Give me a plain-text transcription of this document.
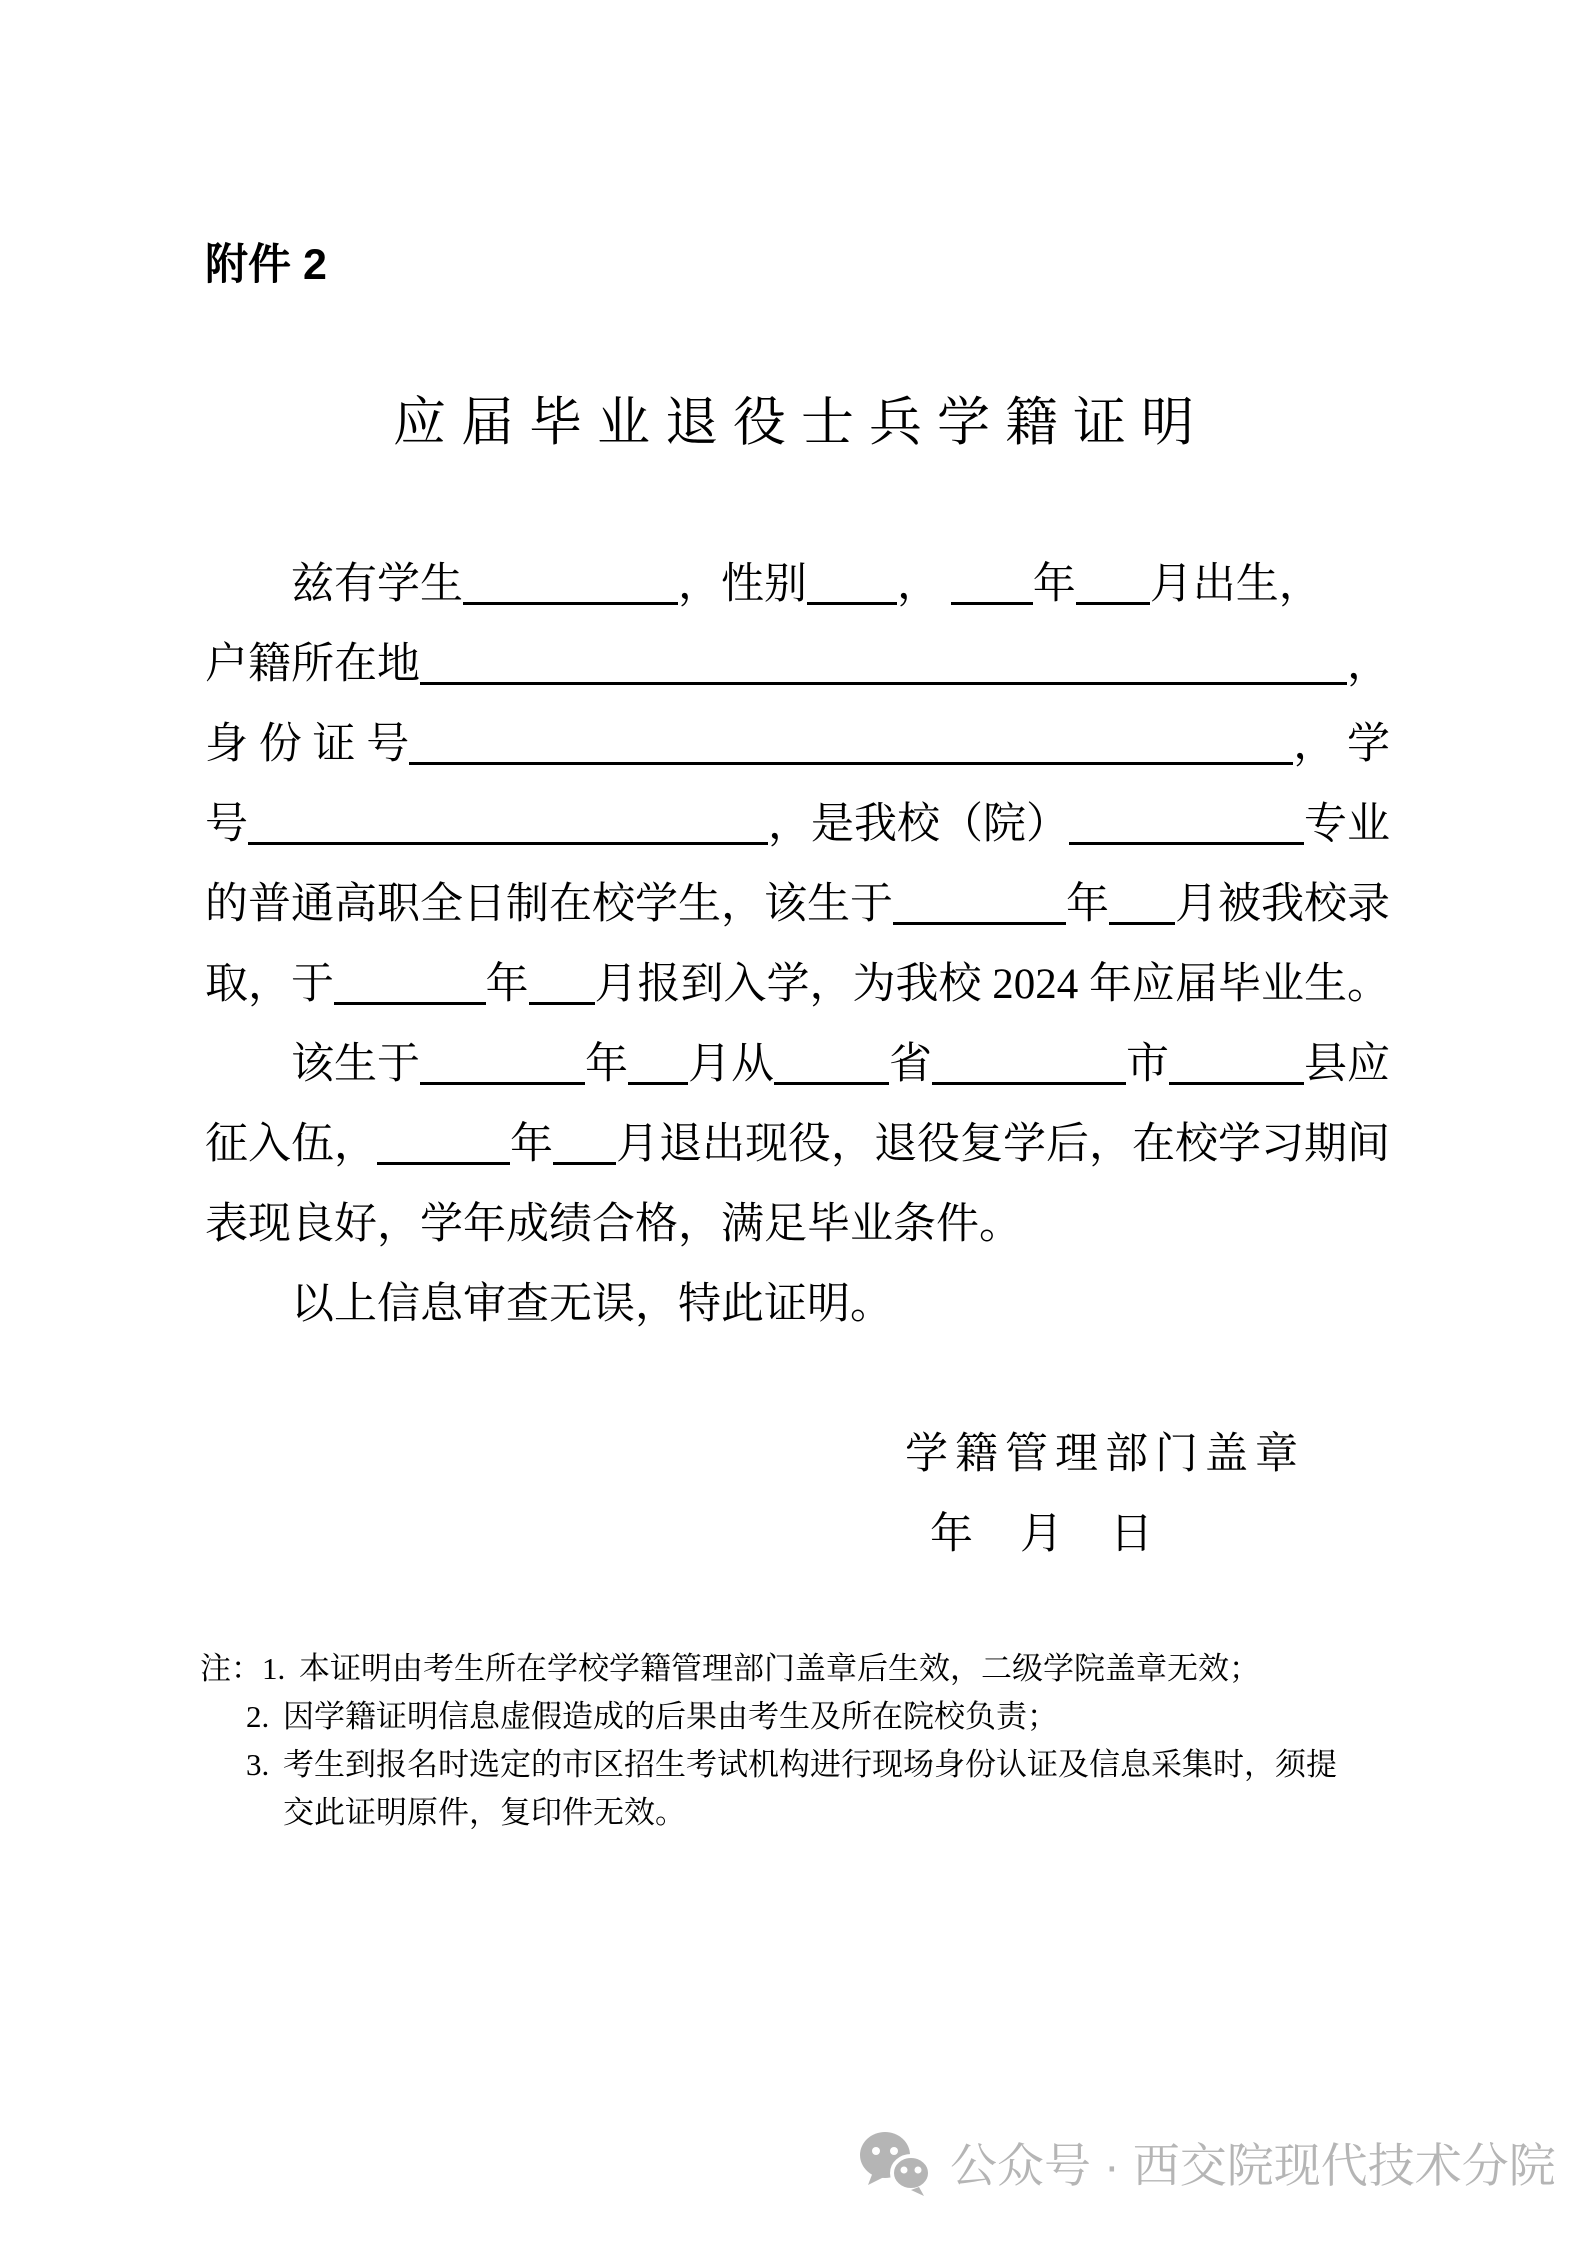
附件 2
应届毕业退役士兵学籍证明
兹有学生	，性别 ， 年 月出生，
户籍所在地	，
身 份 证 号	， 学
号	，是我校（院）	专业
的普通高职全日制在校学生，该生于	年 月被我校录
取，于	年 月报到入学，为我校 2024 年应届毕业生。
该生于	年 月从	省	市	县应
征入伍，	年 月退出现役，退役复学后，在校学习期间
表现良好，学年成绩合格，满足毕业条件。
以上信息审查无误，特此证明。
学籍管理部门盖章
年　月　日
注： 1. 本证明由考生所在学校学籍管理部门盖章后生效，二级学院盖章无效；
2. 因学籍证明信息虚假造成的后果由考生及所在院校负责；
3. 考生到报名时选定的市区招生考试机构进行现场身份认证及信息采集时，须提交此证明原件，复印件无效。
公众号 · 西交院现代技术分院
